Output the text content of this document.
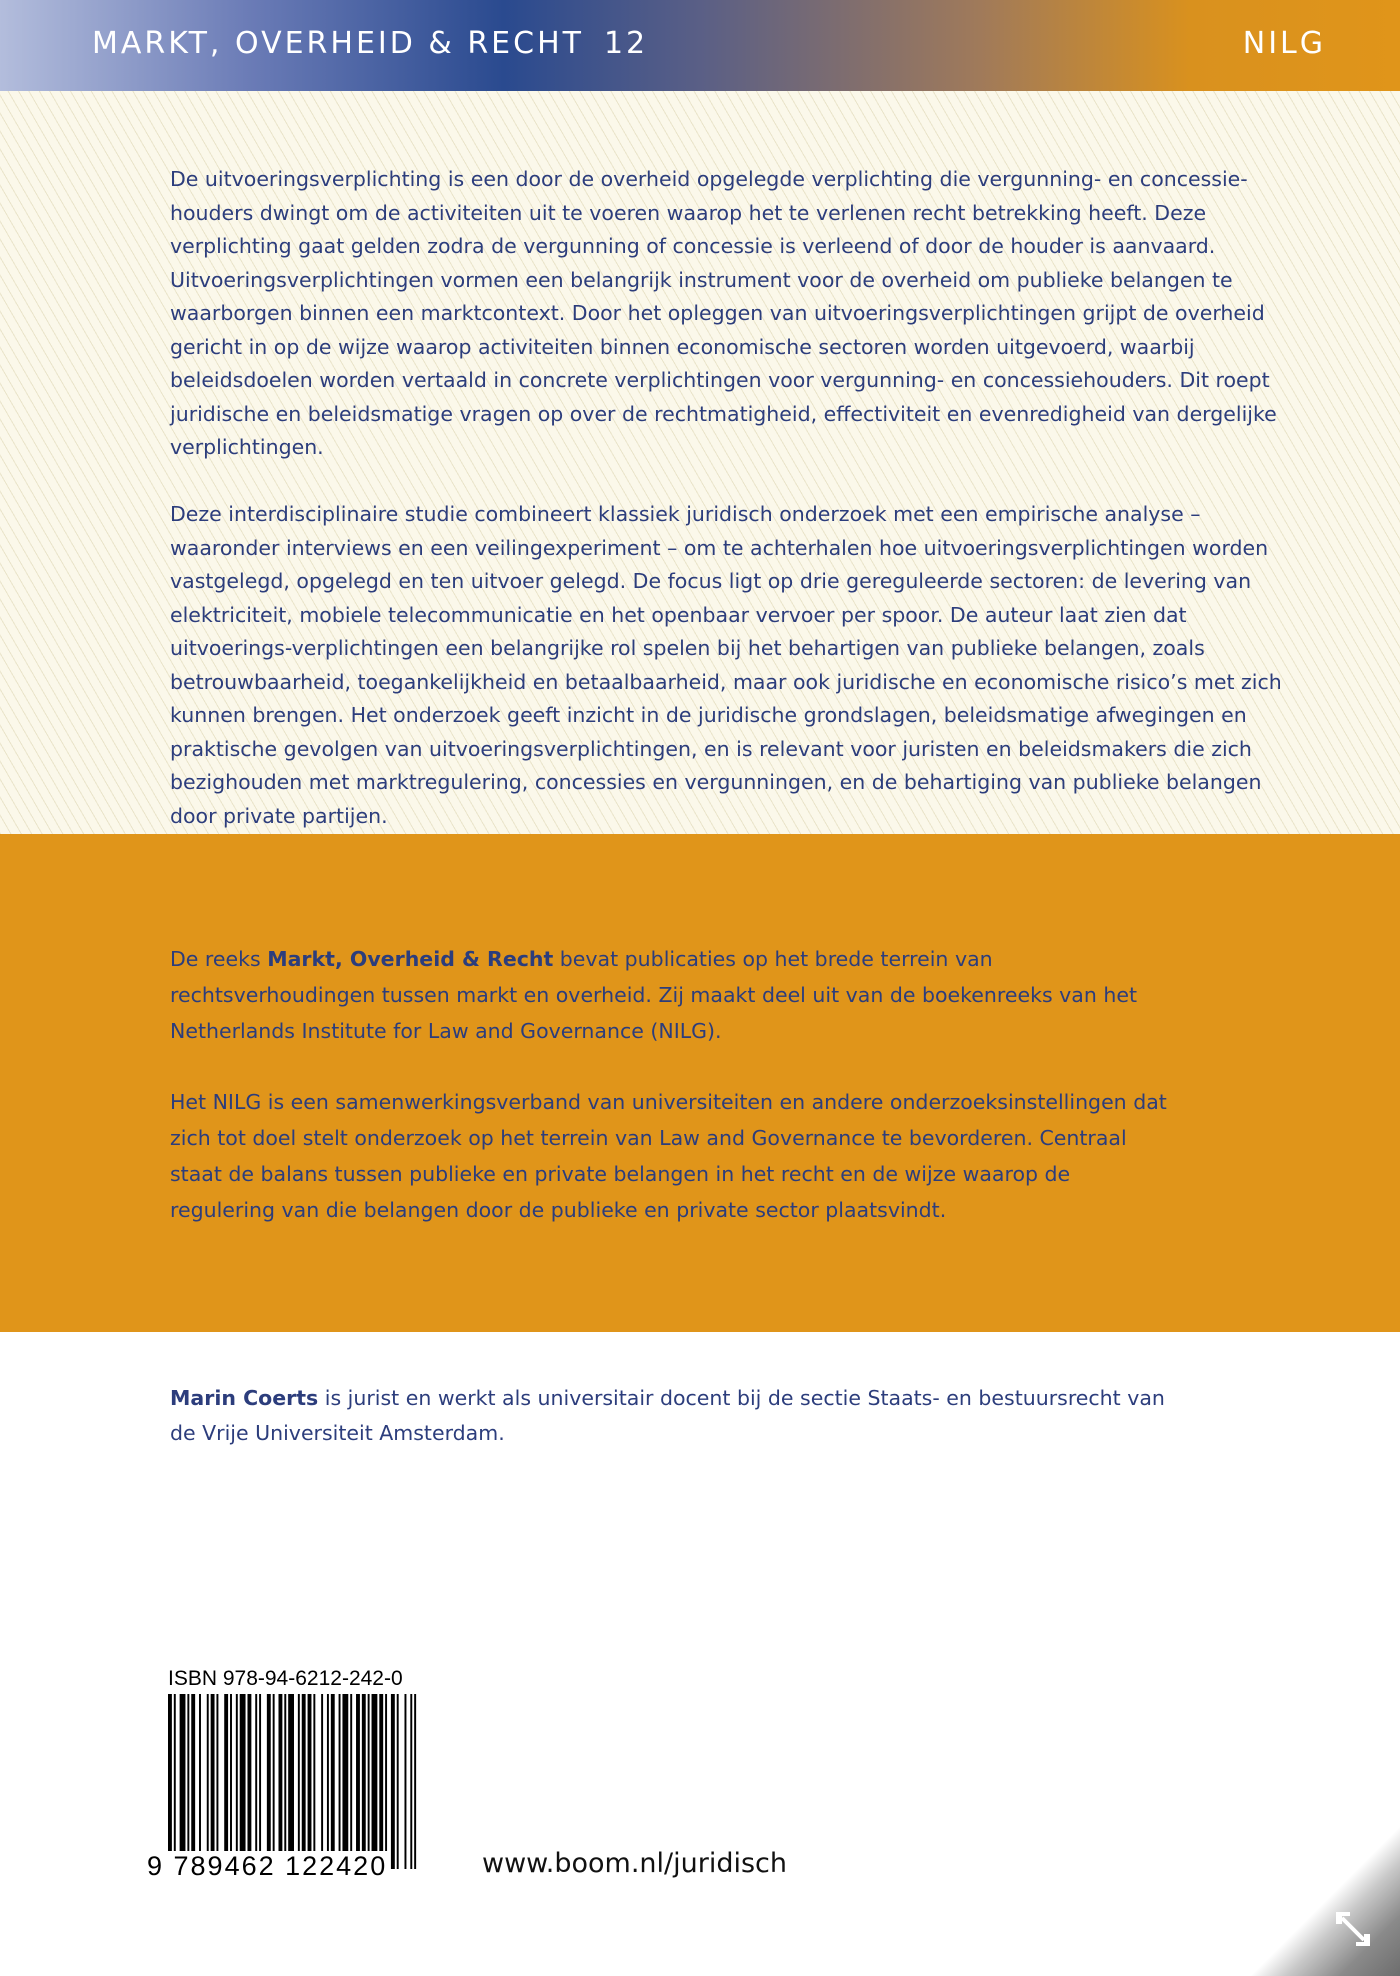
MARKT, OVERHEID & RECHT 12	NILG

De uitvoeringsverplichting is een door de overheid opgelegde verplichting die vergunning- en concessie-houders dwingt om de activiteiten uit te voeren waarop het te verlenen recht betrekking heeft. Deze verplichting gaat gelden zodra de vergunning of concessie is verleend of door de houder is aanvaard. Uitvoeringsverplichtingen vormen een belangrijk instrument voor de overheid om publieke belangen te waarborgen binnen een marktcontext. Door het opleggen van uitvoeringsverplichtingen grijpt de overheid gericht in op de wijze waarop activiteiten binnen economische sectoren worden uitgevoerd, waarbij beleidsdoelen worden vertaald in concrete verplichtingen voor vergunning- en concessiehouders. Dit roept juridische en beleidsmatige vragen op over de rechtmatigheid, effectiviteit en evenredigheid van dergelijke verplichtingen.

Deze interdisciplinaire studie combineert klassiek juridisch onderzoek met een empirische analyse – waaronder interviews en een veilingexperiment – om te achterhalen hoe uitvoeringsverplichtingen worden vastgelegd, opgelegd en ten uitvoer gelegd. De focus ligt op drie gereguleerde sectoren: de levering van elektriciteit, mobiele telecommunicatie en het openbaar vervoer per spoor. De auteur laat zien dat uitvoerings-verplichtingen een belangrijke rol spelen bij het behartigen van publieke belangen, zoals betrouwbaarheid, toegankelijkheid en betaalbaarheid, maar ook juridische en economische risico’s met zich kunnen brengen. Het onderzoek geeft inzicht in de juridische grondslagen, beleidsmatige afwegingen en praktische gevolgen van uitvoeringsverplichtingen, en is relevant voor juristen en beleidsmakers die zich bezighouden met marktregulering, concessies en vergunningen, en de behartiging van publieke belangen door private partijen.

De reeks Markt, Overheid & Recht bevat publicaties op het brede terrein van rechtsverhoudingen tussen markt en overheid. Zij maakt deel uit van de boekenreeks van het Netherlands Institute for Law and Governance (NILG).

Het NILG is een samenwerkingsverband van universiteiten en andere onderzoeksinstellingen dat zich tot doel stelt onderzoek op het terrein van Law and Governance te bevorderen. Centraal staat de balans tussen publieke en private belangen in het recht en de wijze waarop de regulering van die belangen door de publieke en private sector plaatsvindt.

Marin Coerts is jurist en werkt als universitair docent bij de sectie Staats- en bestuursrecht van de Vrije Universiteit Amsterdam.

ISBN 978-94-6212-242-0
9 789462 122420	www.boom.nl/juridisch
